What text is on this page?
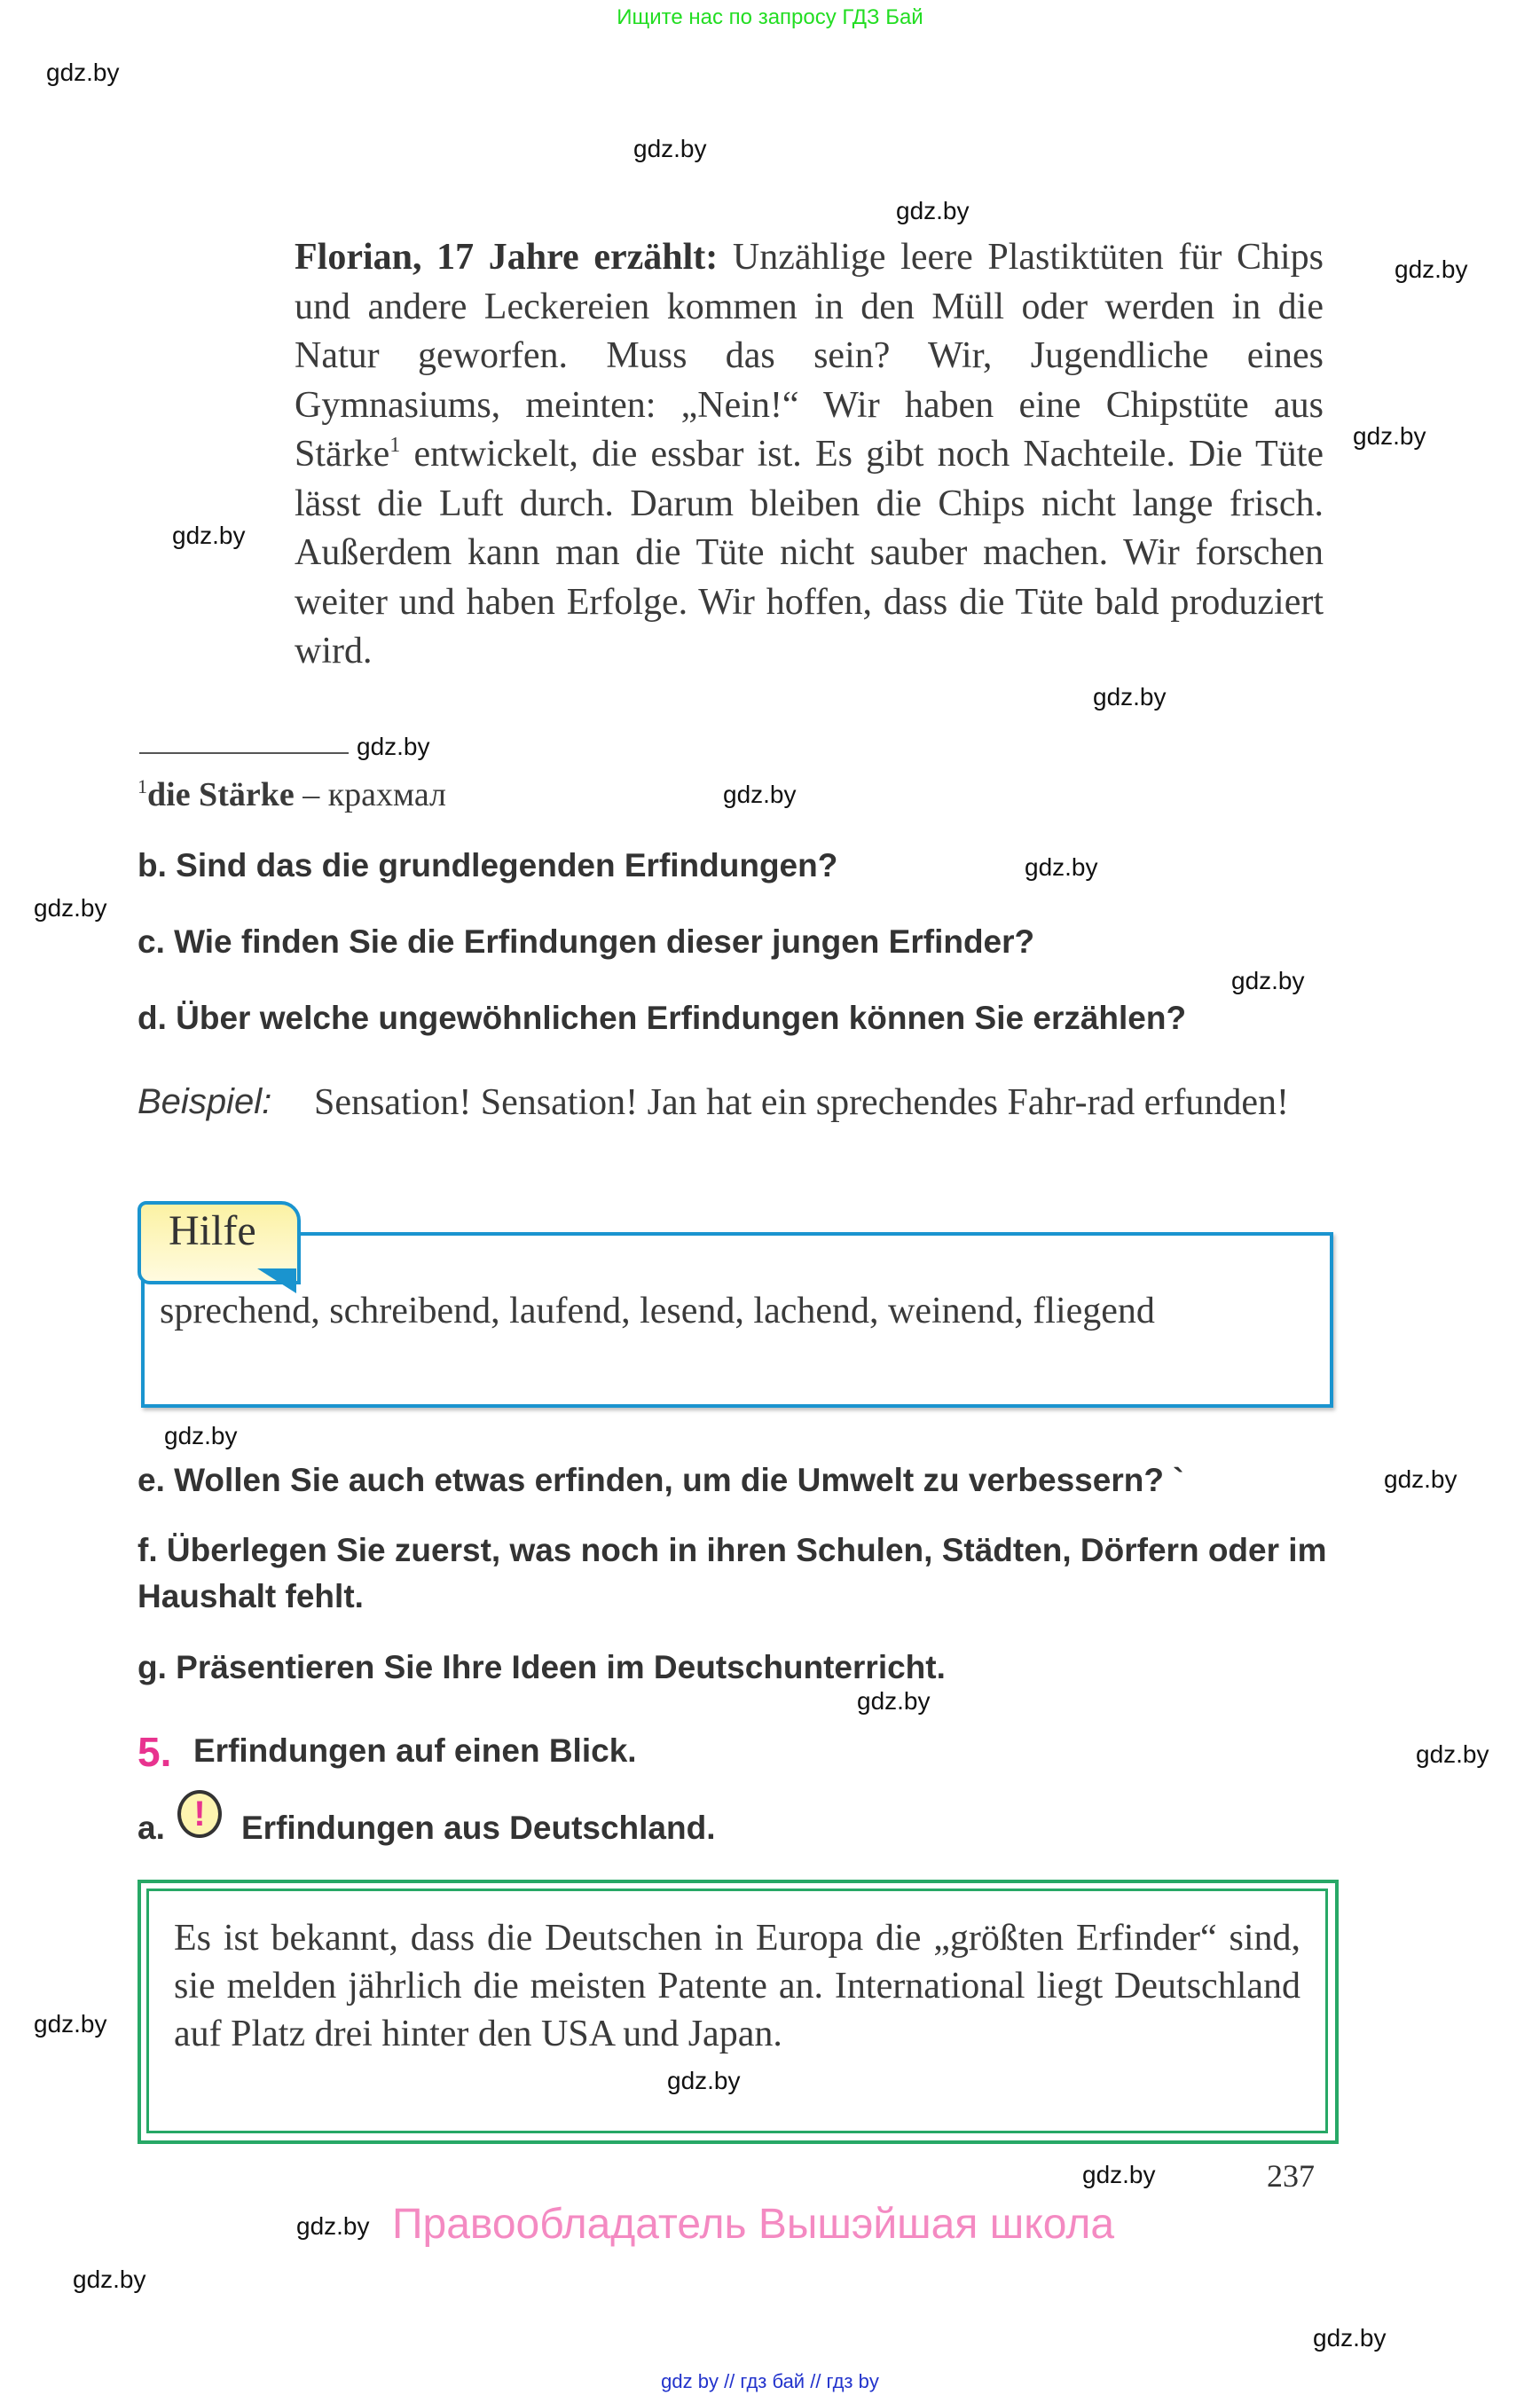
Ищите нас по запросу ГДЗ Бай
gdz.by
gdz.by
gdz.by
gdz.by
gdz.by
gdz.by
gdz.by
gdz.by
gdz.by
gdz.by
gdz.by
gdz.by
gdz.by
gdz.by
gdz.by
gdz.by
gdz.by
gdz.by
gdz.by
gdz.by
gdz.by
gdz.by
Florian, 17 Jahre erzählt: Unzählige leere Plastiktüten für Chips und andere Leckereien kommen in den Müll oder werden in die Natur geworfen. Muss das sein? Wir, Jugendliche eines Gymnasiums, meinten: „Nein!“ Wir haben eine Chipstüte aus Stärke$^1$ entwickelt, die essbar ist. Es gibt noch Nachteile. Die Tüte lässt die Luft durch. Darum bleiben die Chips nicht lange frisch. Außerdem kann man die Tüte nicht sauber machen. Wir forschen weiter und haben Erfolge. Wir hoffen, dass die Tüte bald produziert wird.
$^1$die Stärke – крахмал
b. Sind das die grundlegenden Erfindungen?
c. Wie finden Sie die Erfindungen dieser jungen Erfinder?
d. Über welche ungewöhnlichen Erfindungen können Sie erzählen?
Beispiel: Sensation! Sensation! Jan hat ein sprechendes Fahr-rad erfunden!
Hilfe
sprechend, schreibend, laufend, lesend, lachend, weinend, fliegend
e. Wollen Sie auch etwas erfinden, um die Umwelt zu verbessern? `
f. Überlegen Sie zuerst, was noch in ihren Schulen, Städten, Dörfern oder im Haushalt fehlt.
g. Präsentieren Sie Ihre Ideen im Deutschunterricht.
5. Erfindungen auf einen Blick.
a. !	Erfindungen aus Deutschland.
Es ist bekannt, dass die Deutschen in Europa die „größten Erfinder“ sind, sie melden jährlich die meisten Patente an. International liegt Deutschland auf Platz drei hinter den USA und Japan.
237
Правообладатель Вышэйшая школа
gdz by // гдз бай // гдз by
